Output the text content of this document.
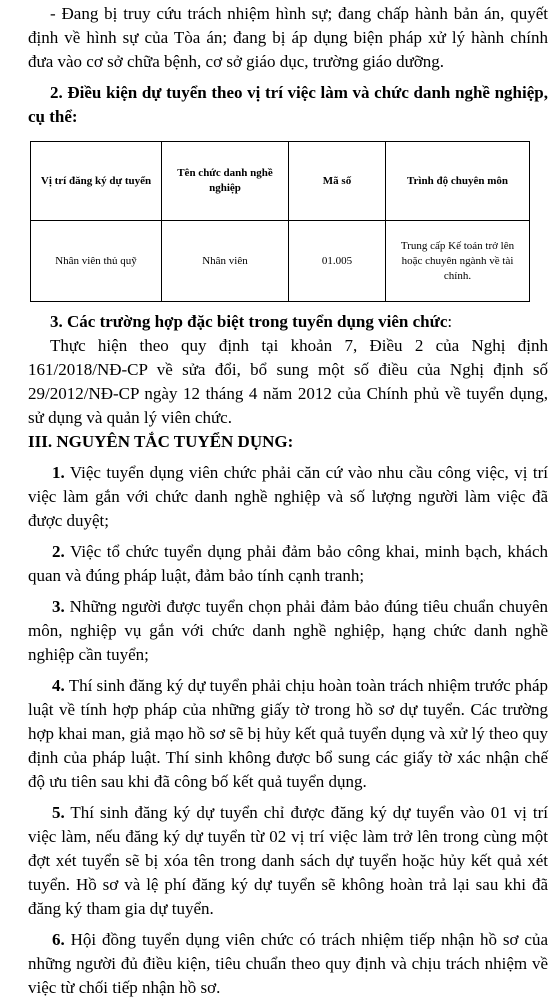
- Đang bị truy cứu trách nhiệm hình sự; đang chấp hành bản án, quyết định về hình sự của Tòa án; đang bị áp dụng biện pháp xử lý hành chính đưa vào cơ sở chữa bệnh, cơ sở giáo dục, trường giáo dưỡng.

2. Điều kiện dự tuyển theo vị trí việc làm và chức danh nghề nghiệp, cụ thể:

Vị trí đăng ký dự tuyển	Tên chức danh nghề nghiệp	Mã số	Trình độ chuyên môn
Nhân viên thủ quỹ	Nhân viên	01.005	Trung cấp Kế toán trở lên hoặc chuyên ngành về tài chính.

3. Các trường hợp đặc biệt trong tuyển dụng viên chức:

Thực hiện theo quy định tại khoản 7, Điều 2 của Nghị định 161/2018/NĐ-CP về sửa đổi, bổ sung một số điều của Nghị định số 29/2012/NĐ-CP ngày 12 tháng 4 năm 2012 của Chính phủ về tuyển dụng, sử dụng và quản lý viên chức.

III. NGUYÊN TẮC TUYỂN DỤNG:

1. Việc tuyển dụng viên chức phải căn cứ vào nhu cầu công việc, vị trí việc làm gắn với chức danh nghề nghiệp và số lượng người làm việc đã được duyệt;

2. Việc tổ chức tuyển dụng phải đảm bảo công khai, minh bạch, khách quan và đúng pháp luật, đảm bảo tính cạnh tranh;

3. Những người được tuyển chọn phải đảm bảo đúng tiêu chuẩn chuyên môn, nghiệp vụ gắn với chức danh nghề nghiệp, hạng chức danh nghề nghiệp cần tuyển;

4. Thí sinh đăng ký dự tuyển phải chịu hoàn toàn trách nhiệm trước pháp luật về tính hợp pháp của những giấy tờ trong hồ sơ dự tuyển. Các trường hợp khai man, giả mạo hồ sơ sẽ bị hủy kết quả tuyển dụng và xử lý theo quy định của pháp luật. Thí sinh không được bổ sung các giấy tờ xác nhận chế độ ưu tiên sau khi đã công bố kết quả tuyển dụng.

5. Thí sinh đăng ký dự tuyển chỉ được đăng ký dự tuyển vào 01 vị trí việc làm, nếu đăng ký dự tuyển từ 02 vị trí việc làm trở lên trong cùng một đợt xét tuyển sẽ bị xóa tên trong danh sách dự tuyển hoặc hủy kết quả xét tuyển. Hồ sơ và lệ phí đăng ký dự tuyển sẽ không hoàn trả lại sau khi đã đăng ký tham gia dự tuyển.

6. Hội đồng tuyển dụng viên chức có trách nhiệm tiếp nhận hồ sơ của những người đủ điều kiện, tiêu chuẩn theo quy định và chịu trách nhiệm về việc từ chối tiếp nhận hồ sơ.
